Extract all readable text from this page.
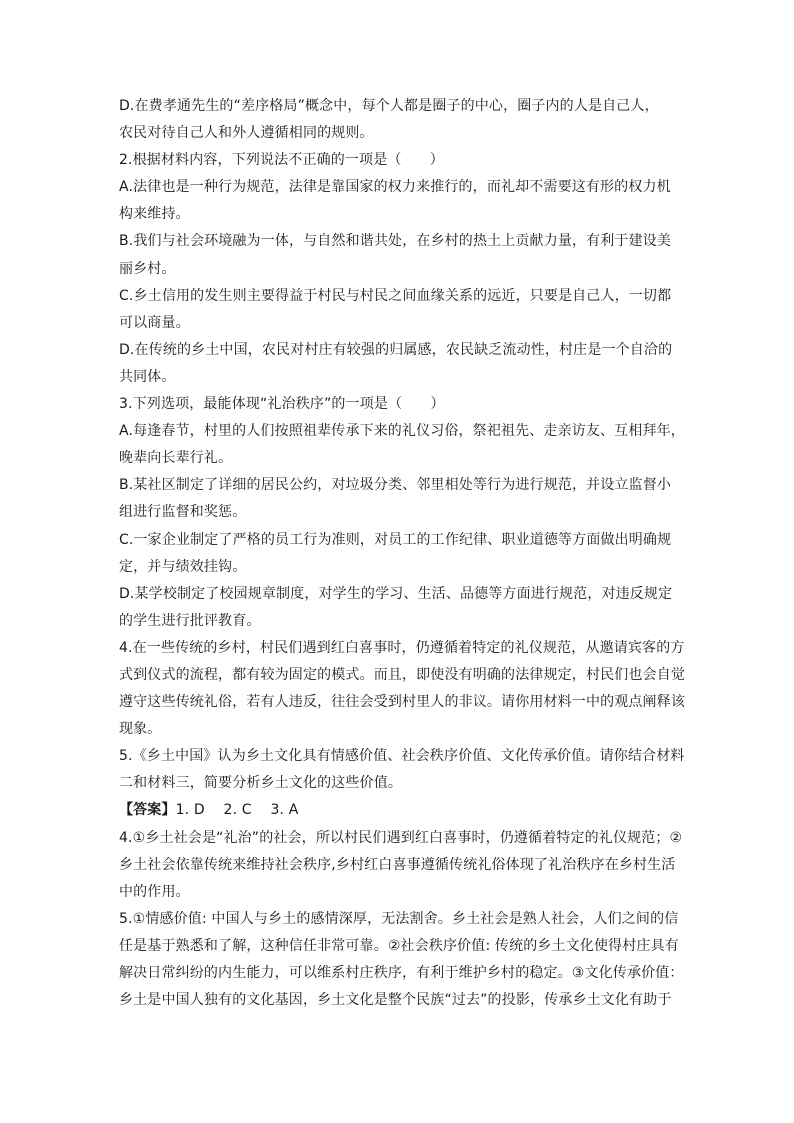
D.在费孝通先生的“差序格局”概念中，每个人都是圈子的中心，圈子内的人是自己人，
农民对待自己人和外人遵循相同的规则。
2.根据材料内容，下列说法不正确的一项是（　　）
A.法律也是一种行为规范，法律是靠国家的权力来推行的，而礼却不需要这有形的权力机
构来维持。
B.我们与社会环境融为一体，与自然和谐共处，在乡村的热土上贡献力量，有利于建设美
丽乡村。
C.乡土信用的发生则主要得益于村民与村民之间血缘关系的远近，只要是自己人，一切都
可以商量。
D.在传统的乡土中国，农民对村庄有较强的归属感，农民缺乏流动性，村庄是一个自洽的
共同体。
3.下列选项，最能体现“礼治秩序”的一项是（　　）
A.每逢春节，村里的人们按照祖辈传承下来的礼仪习俗，祭祀祖先、走亲访友、互相拜年，
晚辈向长辈行礼。
B.某社区制定了详细的居民公约，对垃圾分类、邻里相处等行为进行规范，并设立监督小
组进行监督和奖惩。
C.一家企业制定了严格的员工行为准则，对员工的工作纪律、职业道德等方面做出明确规
定，并与绩效挂钩。
D.某学校制定了校园规章制度，对学生的学习、生活、品德等方面进行规范，对违反规定
的学生进行批评教育。
4.在一些传统的乡村，村民们遇到红白喜事时，仍遵循着特定的礼仪规范，从邀请宾客的方
式到仪式的流程，都有较为固定的模式。而且，即使没有明确的法律规定，村民们也会自觉
遵守这些传统礼俗，若有人违反，往往会受到村里人的非议。请你用材料一中的观点阐释该
现象。
5.《乡土中国》认为乡土文化具有情感价值、社会秩序价值、文化传承价值。请你结合材料
二和材料三，简要分析乡土文化的这些价值。
【答案】1. D　 2. C　 3. A
4.①乡土社会是“礼治”的社会，所以村民们遇到红白喜事时，仍遵循着特定的礼仪规范；②
乡土社会依靠传统来维持社会秩序,乡村红白喜事遵循传统礼俗体现了礼治秩序在乡村生活
中的作用。
5.①情感价值: 中国人与乡土的感情深厚，无法割舍。乡土社会是熟人社会，人们之间的信
任是基于熟悉和了解，这种信任非常可靠。②社会秩序价值: 传统的乡土文化使得村庄具有
解决日常纠纷的内生能力，可以维系村庄秩序，有利于维护乡村的稳定。③文化传承价值：
乡土是中国人独有的文化基因，乡土文化是整个民族“过去”的投影，传承乡土文化有助于
